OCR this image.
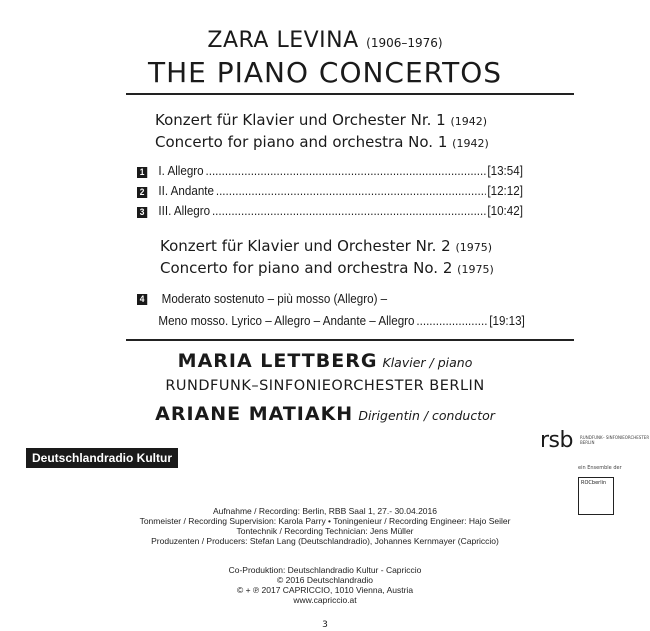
ZARA LEVINA (1906–1976)
THE PIANO CONCERTOS
Konzert für Klavier und Orchester Nr. 1 (1942)
Concerto for piano and orchestra No. 1 (1942)
1 I. Allegro .....	[13:54]
2 II. Andante .....	[12:12]
3 III. Allegro .....	[10:42]
Konzert für Klavier und Orchester Nr. 2 (1975)
Concerto for piano and orchestra No. 2 (1975)
4 Moderato sostenuto – più mosso (Allegro) –
Meno mosso. Lyrico – Allegro – Andante – Allegro .....	[19:13]
MARIA LETTBERG Klavier / piano
RUNDFUNK–SINFONIEORCHESTER BERLIN
ARIANE MATIAKH Dirigentin / conductor
Deutschlandradio Kultur
rsb RUNDFUNK– SINFONIEORCHESTER BERLIN
ein Ensemble der
ROCberlin
Aufnahme / Recording: Berlin, RBB Saal 1, 27.- 30.04.2016
Tonmeister / Recording Supervision: Karola Parry • Toningenieur / Recording Engineer: Hajo Seiler
Tontechnik / Recording Technician: Jens Müller
Produzenten / Producers: Stefan Lang (Deutschlandradio), Johannes Kernmayer (Capriccio)
Co-Produktion: Deutschlandradio Kultur - Capriccio
© 2016 Deutschlandradio
© + ℗ 2017 CAPRICCIO, 1010 Vienna, Austria
www.capriccio.at
3
